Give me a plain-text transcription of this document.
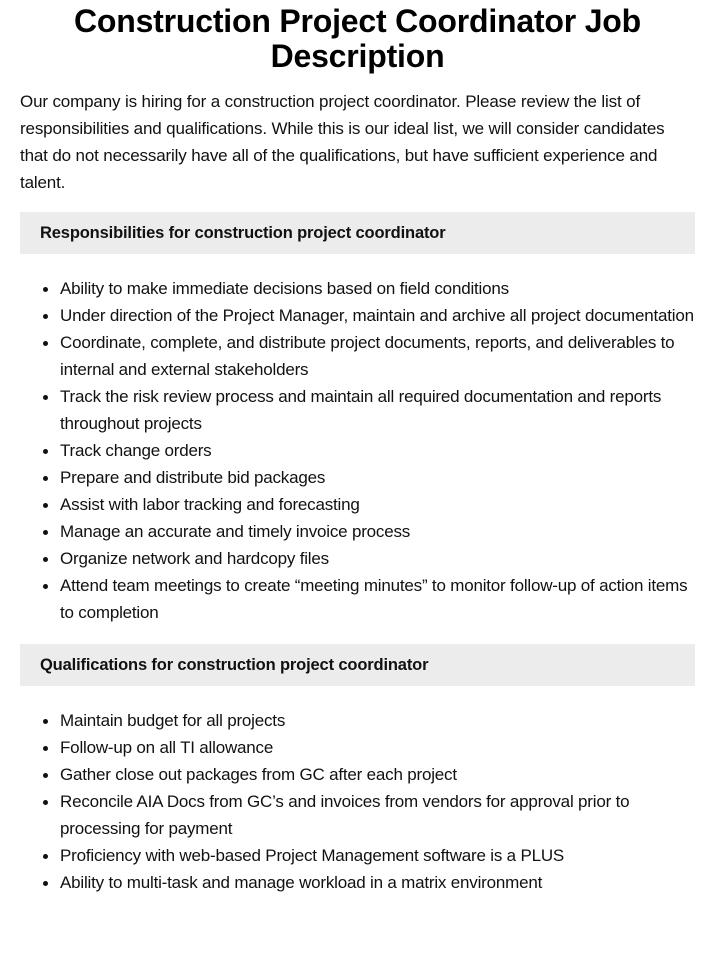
Construction Project Coordinator Job Description

Our company is hiring for a construction project coordinator. Please review the list of responsibilities and qualifications. While this is our ideal list, we will consider candidates that do not necessarily have all of the qualifications, but have sufficient experience and talent.

Responsibilities for construction project coordinator
Ability to make immediate decisions based on field conditions
Under direction of the Project Manager, maintain and archive all project documentation
Coordinate, complete, and distribute project documents, reports, and deliverables to internal and external stakeholders
Track the risk review process and maintain all required documentation and reports throughout projects
Track change orders
Prepare and distribute bid packages
Assist with labor tracking and forecasting
Manage an accurate and timely invoice process
Organize network and hardcopy files
Attend team meetings to create “meeting minutes” to monitor follow-up of action items to completion
Qualifications for construction project coordinator
Maintain budget for all projects
Follow-up on all TI allowance
Gather close out packages from GC after each project
Reconcile AIA Docs from GC’s and invoices from vendors for approval prior to processing for payment
Proficiency with web-based Project Management software is a PLUS
Ability to multi-task and manage workload in a matrix environment
